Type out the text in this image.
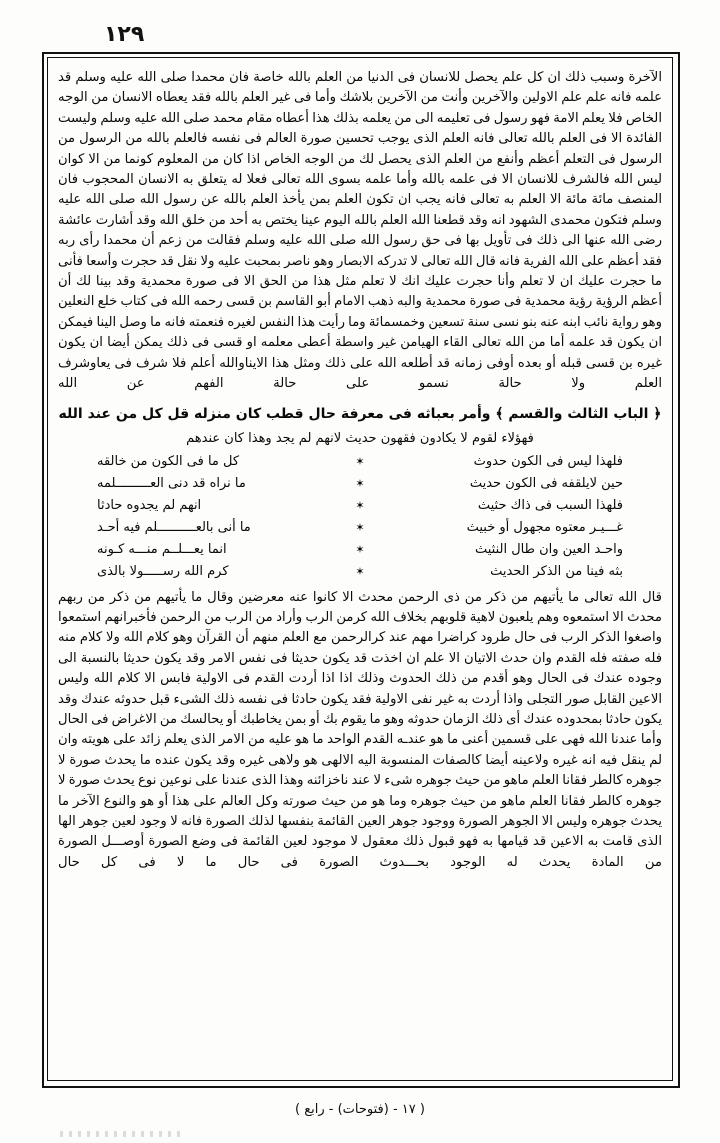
١٢٩

الآخرة وسبب ذلك ان كل علم يحصل للانسان فى الدنيا من العلم بالله خاصة فان محمدا صلى الله عليه وسلم قد علمه فانه علم علم الاولين والآخرين وأنت من الآخرين بلاشك وأما فى غير العلم بالله فقد يعطاه الانسان من الوجه الخاص فلا يعلم الامة فهو رسول فى تعليمه الى من يعلمه بذلك هذا أعطاه مقام محمد صلى الله عليه وسلم وليست الفائدة الا فى العلم بالله تعالى فانه العلم الذى يوجب تحسين صورة العالم فى نفسه فالعلم بالله من الرسول من الرسول فى التعلم أعظم وأنفع من العلم الذى يحصل لك من الوجه الخاص اذا كان من المعلوم كونما من الا كوان ليس الله فالشرف للانسان الا فى علمه بالله وأما علمه بسوى الله تعالى فعلا له يتعلق به الانسان المحجوب فان المنصف مائة مائة الا العلم به تعالى فانه يجب ان تكون العلم بمن يأخذ العلم بالله عن رسول الله صلى الله عليه وسلم فتكون محمدى الشهود انه وقد قطعنا الله العلم بالله اليوم عينا يختص به أحد من خلق الله وقد أشارت عائشة رضى الله عنها الى ذلك فى تأويل بها فى حق رسول الله صلى الله عليه وسلم فقالت من زعم أن محمدا رأى ربه فقد أعظم على الله الفرية فانه قال الله تعالى لا تدركه الابصار وهو ناصر بمحبت عليه ولا نقل قد حجرت وأسعا فأنى ما حجرت عليك ان لا تعلم وأنا حجرت عليك انك لا تعلم مثل هذا من الحق الا فى صورة محمدية وقد بينا لك أن أعظم الرؤية رؤية محمدية فى صورة محمدية والبه ذهب الامام أبو القاسم بن قسى رحمه الله فى كتاب خلع النعلين وهو رواية نائب ابنه عنه بنو نسى سنة تسعين وخمسمائة وما رأيت هذا النفس لغيره فنعمته فانه ما وصل الينا فيمكن ان يكون قد علمه أما من الله تعالى القاء الهيامن غير واسطة أعطى معلمه او قسى فى ذلك يمكن أيضا ان يكون غيره بن قسى قبله أو بعده أوفى زمانه قد أطلعه الله على ذلك ومثل هذا الايناوالله أعلم فلا شرف فى يعاوشرف العلم ولا حالة نسمو على حالة الفهم عن الله

﴿ الباب الثالث والقسم ﴾ وأمر بعباثه فى معرفة حال قطب كان منزله قل كل من عند الله
فهؤلاء لقوم لا يكادون فقهون حديث لانهم لم يجد وهذا كان عندهم
فلهذا ليس فى الكون حدوث
✶
كل ما فى الكون من خالقه
حين لايلقفه فى الكون حديث
✶
ما نراه قد دنى العـــــــــلمه
فلهذا السبب فى ذاك حثيث
✶
انهم لم يجدوه حادثا
غـــيـر معتوه مجهول أو خبيث
✶
ما أنى بالعــــــــــلم فيه أحـد
واحـد العين وان طال النثيث
✶
انما يعـــلــم منـــه كـونه
بثه فينا من الذكر الحديث
✶
كرم الله رســـــولا بالذى

قال الله تعالى ما يأتيهم من ذكر من ذى الرحمن محدث الا كانوا عنه معرضين وقال ما يأتيهم من ذكر من ربهم محدث الا استمعوه وهم يلعبون لاهية قلوبهم بخلاف الله كرمن الرب وأراد من الرب من الرحمن فأخبرانهم استمعوا واصغوا الذكر الرب فى حال طرود كراضرا مهم عند كرالرحمن مع العلم منهم أن القرآن وهو كلام الله ولا كلام منه فله صفته فله القدم وان حدث الاتيان الا علم ان اخذت قد يكون حديثا فى نفس الامر وقد يكون حديثا بالنسبة الى وجوده عندك فى الحال وهو أقدم من ذلك الحدوث وذلك اذا اذا أردت القدم فى الاولية فابس الا كلام الله وليس الاعين القابل صور التجلى واذا أردت به غير نفى الاولية فقد يكون حادثا فى نفسه ذلك الشىء قبل حدوثه عندك وقد يكون حادثا بمحدوده عندك أى ذلك الزمان حدوثه وهو ما يقوم بك أو بمن يخاطبك أو يحالسك من الاغراض فى الحال وأما عندنا الله فهى على قسمين أعنى ما هو عندـه القدم الواحد ما هو عليه من الامر الذى يعلم زائد على هويته وان لم ينقل فيه انه غيره ولاعينه أيضا كالصفات المنسوبة اليه الالهى هو ولاهى غيره وقد يكون عنده ما يحدث صورة لا جوهره كالطر فقانا العلم ماهو من حيث جوهره شىء لا عند ناخزائنه وهذا الذى عندنا على نوعين نوع يحدث صورة لا جوهره كالطر فقانا العلم ماهو من حيث جوهره وما هو من حيث صورته وكل العالم على هذا أو هو والنوع الآخر ما يحدث جوهره وليس الا الجوهر الصورة ووجود جوهر العين القائمة بنفسها لذلك الصورة فانه لا وجود لعين جوهر الها الذى قامت به الاعين قد قيامها به فهو قبول ذلك معقول لا موجود لعين القائمة فى وضع الصورة أوصـــل الصورة من المادة يحدث له الوجود بحـــدوث الصورة فى حال ما لا فى كل حال

( ١٧ - (فتوحات) - رابع )
